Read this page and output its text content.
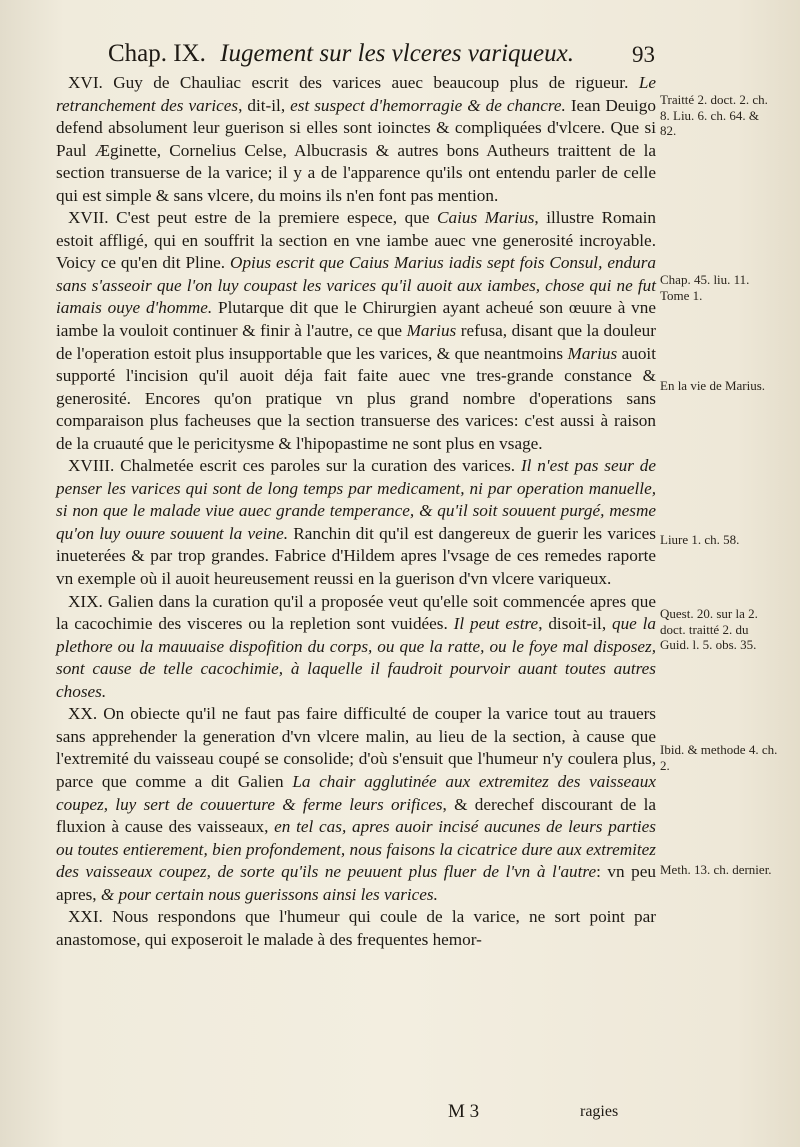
Chap. IX. Iugement sur les vlceres variqueux.	93

XVI. Guy de Chauliac escrit des varices auec beaucoup plus de rigueur. Le retranchement des varices, dit-il, est suspect d'hemorragie & de chancre. Iean Deuigo defend absolument leur guerison si elles sont ioinctes & compliquées d'vlcere. Que si Paul Æginette, Cornelius Celse, Albucrasis & autres bons Autheurs traittent de la section transuerse de la varice; il y a de l'apparence qu'ils ont entendu parler de celle qui est simple & sans vlcere, du moins ils n'en font pas mention.

XVII. C'est peut estre de la premiere espece, que Caius Marius, illustre Romain estoit affligé, qui en souffrit la section en vne iambe auec vne generosité incroyable. Voicy ce qu'en dit Pline. Opius escrit que Caius Marius iadis sept fois Consul, endura sans s'asseoir que l'on luy coupast les varices qu'il auoit aux iambes, chose qui ne fut iamais ouye d'homme. Plutarque dit que le Chirurgien ayant acheué son œuure à vne iambe la vouloit continuer & finir à l'autre, ce que Marius refusa, disant que la douleur de l'operation estoit plus insupportable que les varices, & que neantmoins Marius auoit supporté l'incision qu'il auoit déja fait faite auec vne tres-grande constance & generosité. Encores qu'on pratique vn plus grand nombre d'operations sans comparaison plus facheuses que la section transuerse des varices: c'est aussi à raison de la cruauté que le pericitysme & l'hipopastime ne sont plus en vsage.

XVIII. Chalmetée escrit ces paroles sur la curation des varices. Il n'est pas seur de penser les varices qui sont de long temps par medicament, ni par operation manuelle, si non que le malade viue auec grande temperance, & qu'il soit souuent purgé, mesme qu'on luy ouure souuent la veine. Ranchin dit qu'il est dangereux de guerir les varices inueterées & par trop grandes. Fabrice d'Hildem apres l'vsage de ces remedes raporte vn exemple où il auoit heureusement reussi en la guerison d'vn vlcere variqueux.

XIX. Galien dans la curation qu'il a proposée veut qu'elle soit commencée apres que la cacochimie des visceres ou la repletion sont vuidées. Il peut estre, disoit-il, que la plethore ou la mauuaise dispofition du corps, ou que la ratte, ou le foye mal disposez, sont cause de telle cacochimie, à laquelle il faudroit pourvoir auant toutes autres choses.

XX. On obiecte qu'il ne faut pas faire difficulté de couper la varice tout au trauers sans apprehender la generation d'vn vlcere malin, au lieu de la section, à cause que l'extremité du vaisseau coupé se consolide; d'où s'ensuit que l'humeur n'y coulera plus, parce que comme a dit Galien La chair agglutinée aux extremitez des vaisseaux coupez, luy sert de couuerture & ferme leurs orifices, & derechef discourant de la fluxion à cause des vaisseaux, en tel cas, apres auoir incisé aucunes de leurs parties ou toutes entierement, bien profondement, nous faisons la cicatrice dure aux extremitez des vaisseaux coupez, de sorte qu'ils ne peuuent plus fluer de l'vn à l'autre: vn peu apres, & pour certain nous guerissons ainsi les varices.

XXI. Nous respondons que l'humeur qui coule de la varice, ne sort point par anastomose, qui exposeroit le malade à des frequentes hemor-

Traitté 2. doct. 2. ch. 8. Liu. 6. ch. 64. & 82.
Chap. 45. liu. 11. Tome 1.
En la vie de Marius.
Liure 1. ch. 58.
Quest. 20. sur la 2. doct. traitté 2. du Guid. l. 5. obs. 35.
Ibid. & methode 4. ch. 2.
Meth. 13. ch. dernier.
M 3	ragies
